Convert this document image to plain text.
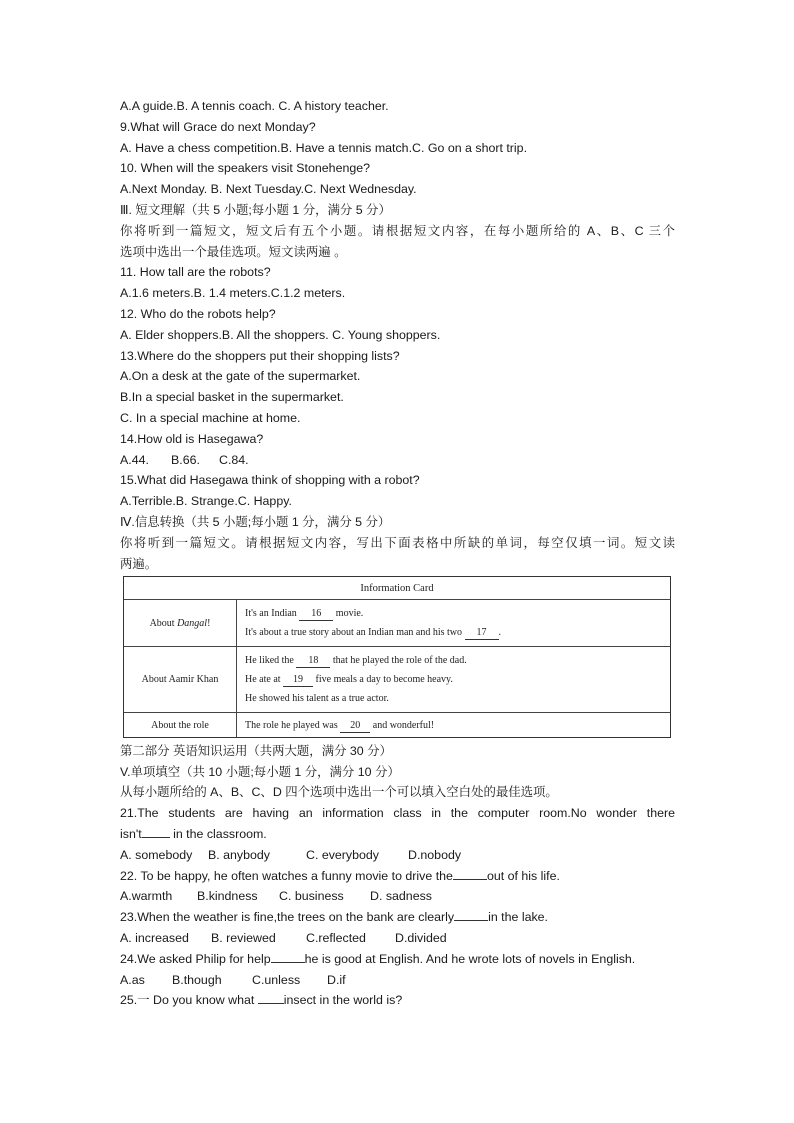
A.A guide.B. A tennis coach. C. A history teacher.
9.What will Grace do next Monday?
A. Have a chess competition.B. Have a tennis match.C. Go on a short trip.
10. When will the speakers visit Stonehenge?
A.Next Monday. B. Next Tuesday.C. Next Wednesday.
Ⅲ. 短文理解（共 5 小题;每小题 1 分，满分 5 分）
你将听到一篇短文，短文后有五个小题。请根据短文内容，在每小题所给的 A、B、C 三个
选项中选出一个最佳选项。短文读两遍 。
11. How tall are the robots?
A.1.6 meters.B. 1.4 meters.C.1.2 meters.
12. Who do the robots help?
A. Elder shoppers.B. All the shoppers. C. Young shoppers.
13.Where do the shoppers put their shopping lists?
A.On a desk at the gate of the supermarket.
B.In a special basket in the supermarket.
C. In a special machine at home.
14.How old is Hasegawa?
A.44. B.66. C.84.
15.What did Hasegawa think of shopping with a robot?
A.Terrible.B. Strange.C. Happy.
Ⅳ.信息转换（共 5 小题;每小题 1 分，满分 5 分）
你将听到一篇短文。请根据短文内容，写出下面表格中所缺的单词，每空仅填一词。短文读
两遍。
Information Card	
About Dangal!	It's an Indian 16 movie.
It's about a true story about an Indian man and his two 17 .

About Aamir Khan	He liked the 18 that he played the role of the dad.
He ate at 19 five meals a day to become heavy.
He showed his talent as a true actor.

About the role	The role he played was 20 and wonderful!
第二部分 英语知识运用（共两大题，满分 30 分）
V.单项填空（共 10 小题;每小题 1 分，满分 10 分）
从每小题所给的 A、B、C、D 四个选项中选出一个可以填入空白处的最佳选项。
21.The students are having an information class in the computer room.No wonder there
isn't in the classroom.
A. somebody B. anybody	C. everybody D.nobody
22. To be happy, he often watches a funny movie to drive the	out of his life.
A.warmth B.kindness C. business D. sadness
23.When the weather is fine,the trees on the bank are clearly	in the lake.
A. increased B. reviewed C.reflected D.divided
24.We asked Philip for help	he is good at English. And he wrote lots of novels in English.
A.as B.though C.unless D.if
25.一 Do you know what insect in the world is?
